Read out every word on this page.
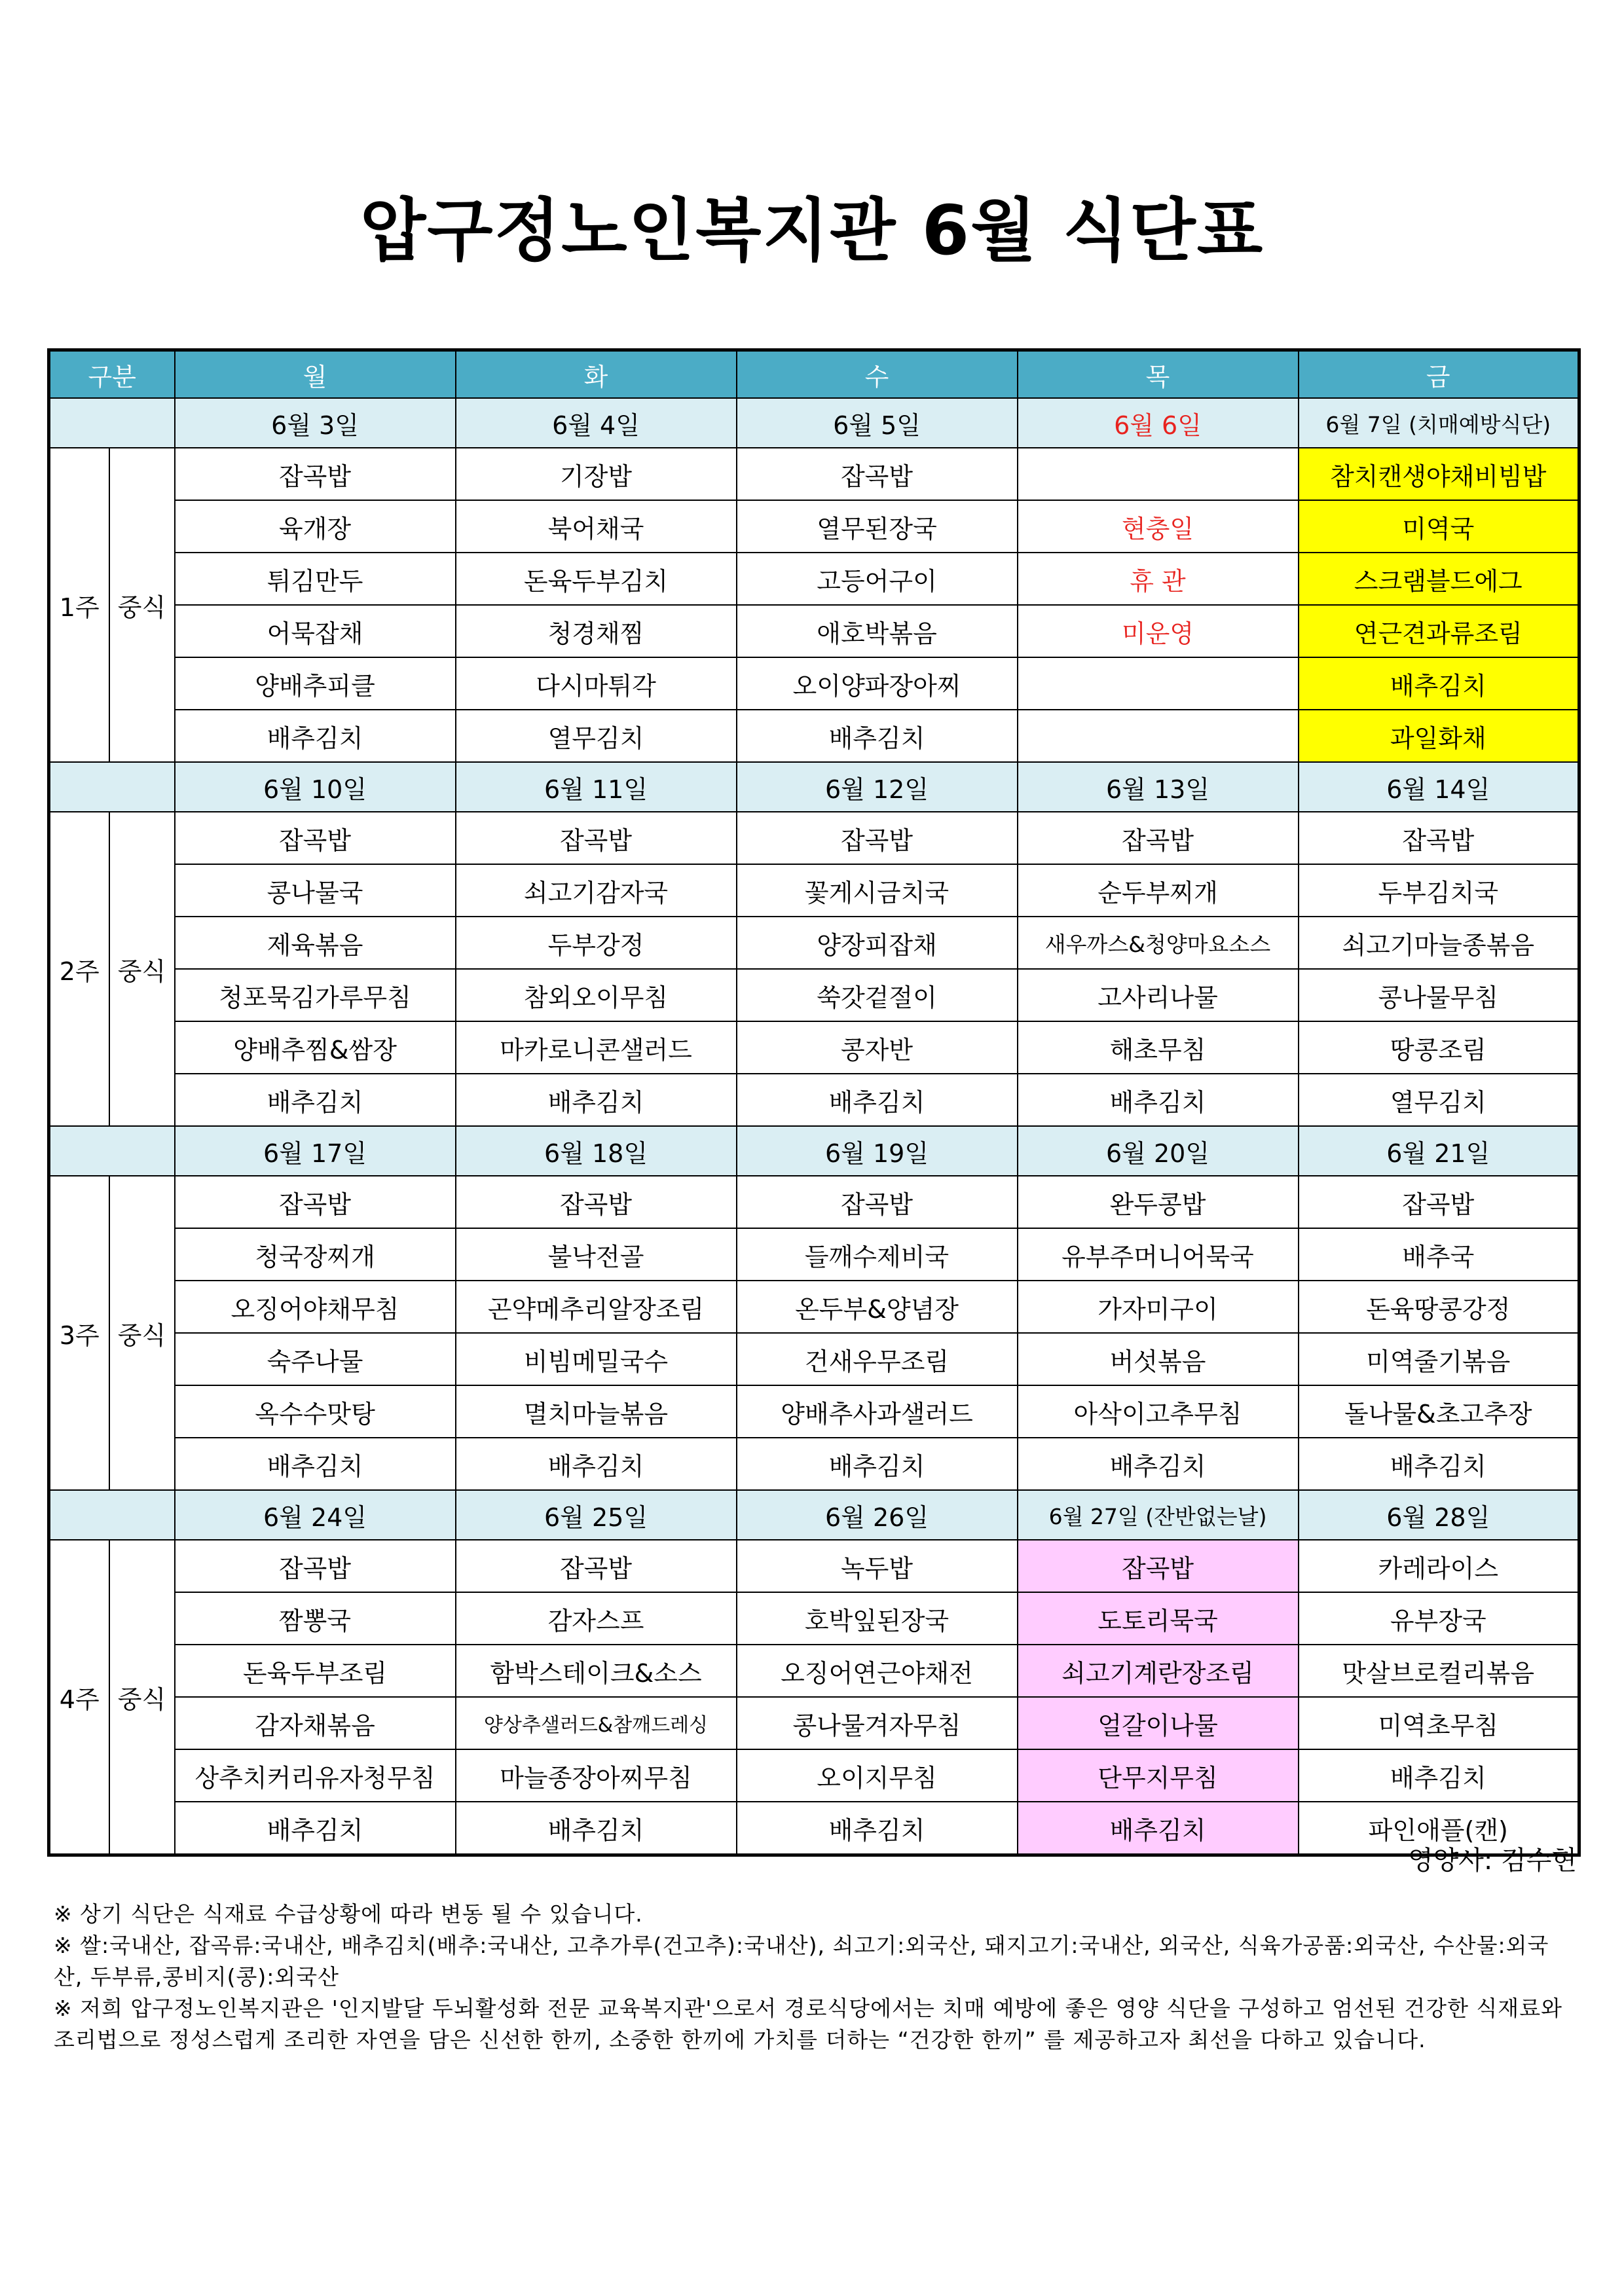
압구정노인복지관 6월 식단표
구분		월	화	수	목	금
		6월 3일	6월 4일	6월 5일	6월 6일	6월 7일 (치매예방식단)
1주	중식	잡곡밥	기장밥	잡곡밥		참치캔생야채비빔밥
		육개장	북어채국	열무된장국	현충일	미역국
		튀김만두	돈육두부김치	고등어구이	휴 관	스크램블드에그
		어묵잡채	청경채찜	애호박볶음	미운영	연근견과류조림
		양배추피클	다시마튀각	오이양파장아찌		배추김치
		배추김치	열무김치	배추김치		과일화채
		6월 10일	6월 11일	6월 12일	6월 13일	6월 14일
2주	중식	잡곡밥	잡곡밥	잡곡밥	잡곡밥	잡곡밥
		콩나물국	쇠고기감자국	꽃게시금치국	순두부찌개	두부김치국
		제육볶음	두부강정	양장피잡채	새우까스&청양마요소스	쇠고기마늘종볶음
		청포묵김가루무침	참외오이무침	쑥갓겉절이	고사리나물	콩나물무침
		양배추찜&쌈장	마카로니콘샐러드	콩자반	해초무침	땅콩조림
		배추김치	배추김치	배추김치	배추김치	열무김치
		6월 17일	6월 18일	6월 19일	6월 20일	6월 21일
3주	중식	잡곡밥	잡곡밥	잡곡밥	완두콩밥	잡곡밥
		청국장찌개	불낙전골	들깨수제비국	유부주머니어묵국	배추국
		오징어야채무침	곤약메추리알장조림	온두부&양념장	가자미구이	돈육땅콩강정
		숙주나물	비빔메밀국수	건새우무조림	버섯볶음	미역줄기볶음
		옥수수맛탕	멸치마늘볶음	양배추사과샐러드	아삭이고추무침	돌나물&초고추장
		배추김치	배추김치	배추김치	배추김치	배추김치
		6월 24일	6월 25일	6월 26일	6월 27일 (잔반없는날)	6월 28일
4주	중식	잡곡밥	잡곡밥	녹두밥	잡곡밥	카레라이스
		짬뽕국	감자스프	호박잎된장국	도토리묵국	유부장국
		돈육두부조림	함박스테이크&소스	오징어연근야채전	쇠고기계란장조림	맛살브로컬리볶음
		감자채볶음	양상추샐러드&참깨드레싱	콩나물겨자무침	얼갈이나물	미역초무침
		상추치커리유자청무침	마늘종장아찌무침	오이지무침	단무지무침	배추김치
		배추김치	배추김치	배추김치	배추김치	파인애플(캔)
영양사: 김수현

※ 상기 식단은 식재료 수급상황에 따라 변동 될 수 있습니다.

※ 쌀:국내산, 잡곡류:국내산, 배추김치(배추:국내산, 고추가루(건고추):국내산), 쇠고기:외국산, 돼지고기:국내산, 외국산, 식육가공품:외국산, 수산물:외국산, 두부류,콩비지(콩):외국산

※ 저희 압구정노인복지관은 '인지발달 두뇌활성화 전문 교육복지관'으로서 경로식당에서는 치매 예방에 좋은 영양 식단을 구성하고 엄선된 건강한 식재료와 조리법으로 정성스럽게 조리한 자연을 담은 신선한 한끼, 소중한 한끼에 가치를 더하는 “건강한 한끼” 를 제공하고자 최선을 다하고 있습니다.
